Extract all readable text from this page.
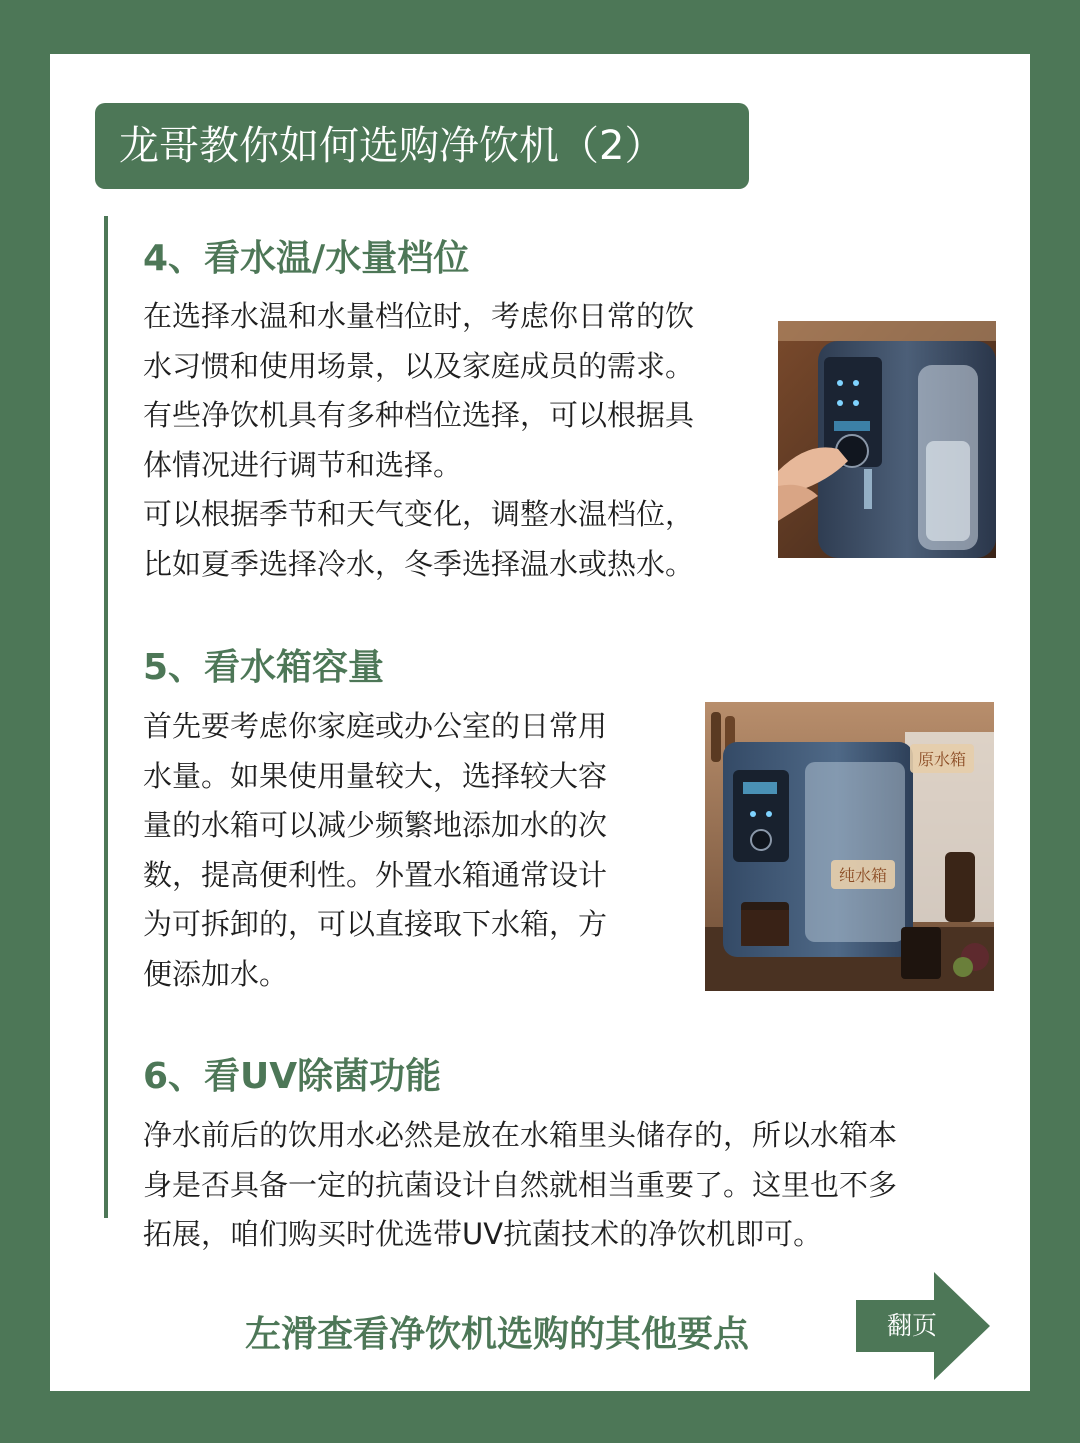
龙哥教你如何选购净饮机（2）
4、看水温/水量档位

在选择水温和水量档位时，考虑你日常的饮

水习惯和使用场景，以及家庭成员的需求。

有些净饮机具有多种档位选择，可以根据具

体情况进行调节和选择。

可以根据季节和天气变化，调整水温档位，

比如夏季选择冷水，冬季选择温水或热水。

5、看水箱容量

首先要考虑你家庭或办公室的日常用

水量。如果使用量较大，选择较大容

量的水箱可以减少频繁地添加水的次

数，提高便利性。外置水箱通常设计

为可拆卸的，可以直接取下水箱，方

便添加水。

原水箱
纯水箱
6、看UV除菌功能

净水前后的饮用水必然是放在水箱里头储存的，所以水箱本

身是否具备一定的抗菌设计自然就相当重要了。这里也不多

拓展，咱们购买时优选带UV抗菌技术的净饮机即可。

左滑查看净饮机选购的其他要点	翻页
